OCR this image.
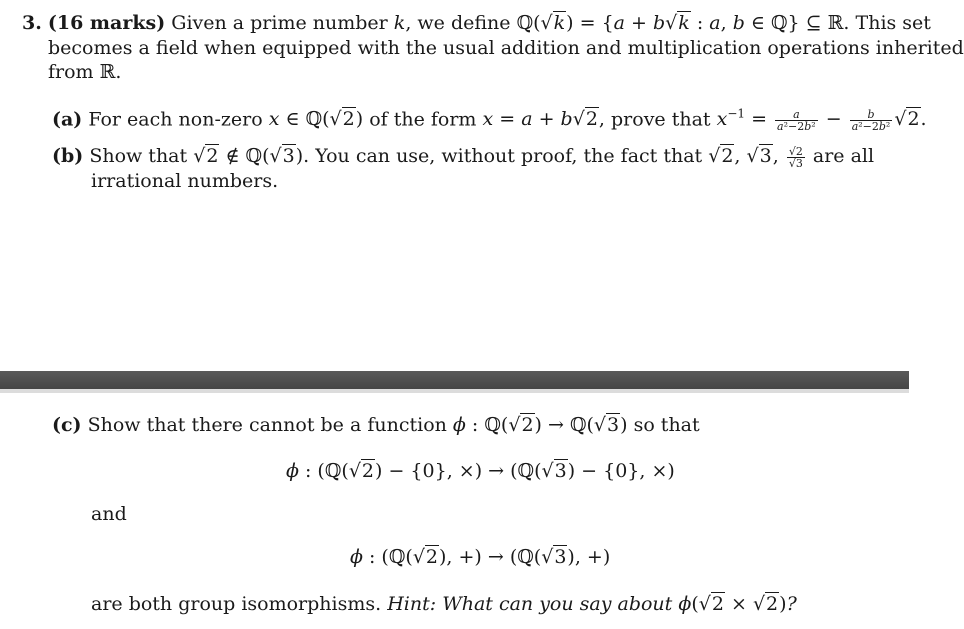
3. (16 marks) Given a prime number k, we define ℚ(√k) = {a + b√k : a, b ∈ ℚ} ⊆ ℝ. This set
becomes a field when equipped with the usual addition and multiplication operations inherited
from ℝ.
(a) For each non-zero x ∈ ℚ(√2) of the form x = a + b√2, prove that $x^{-1} = \frac{a}{\text{a²−2b²}} - \frac{b}{\text{a²−2b²}} √2$.
(b) Show that √2 ∉ ℚ(√3). You can use, without proof, the fact that √2, √3, $\frac{√2}{√3}$ are all
irrational numbers.
(c) Show that there cannot be a function ϕ : ℚ(√2) → ℚ(√3) so that
ϕ : (ℚ(√2) − {0}, ×) → (ℚ(√3) − {0}, ×)
and
ϕ : (ℚ(√2), +) → (ℚ(√3), +)
are both group isomorphisms. Hint: What can you say about ϕ(√2 × √2)?
